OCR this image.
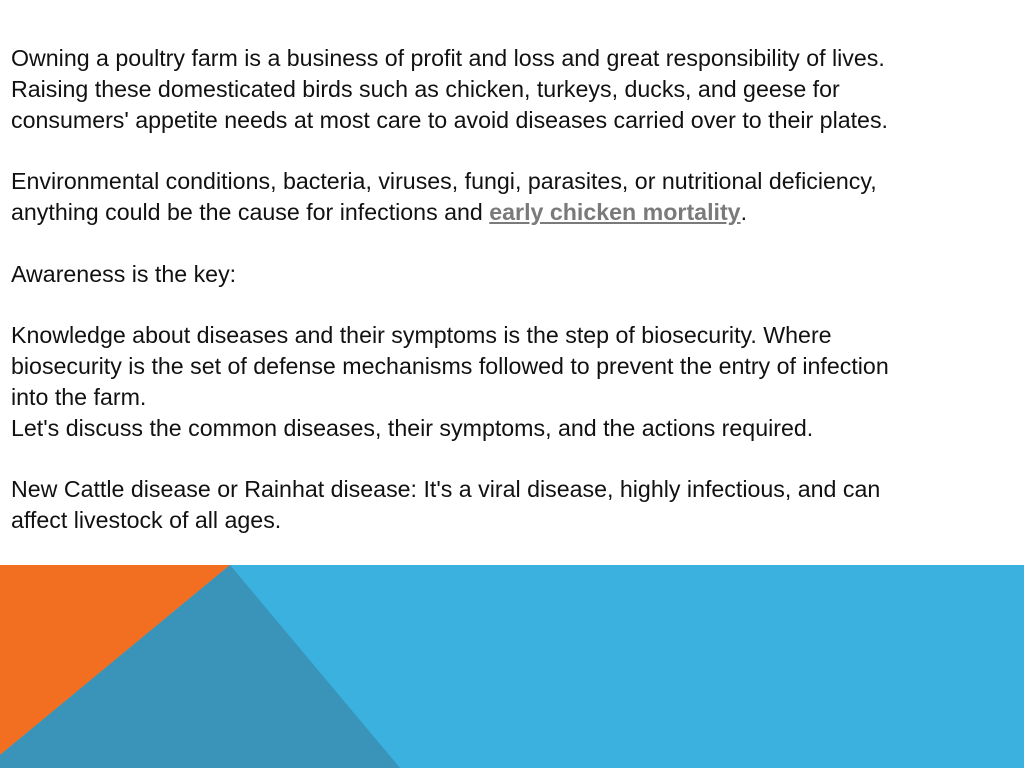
Owning a poultry farm is a business of profit and loss and great responsibility of lives.
Raising these domesticated birds such as chicken, turkeys, ducks, and geese for
consumers' appetite needs at most care to avoid diseases carried over to their plates.

Environmental conditions, bacteria, viruses, fungi, parasites, or nutritional deficiency,
anything could be the cause for infections and early chicken mortality.

Awareness is the key:

Knowledge about diseases and their symptoms is the step of biosecurity. Where
biosecurity is the set of defense mechanisms followed to prevent the entry of infection
into the farm.

Let's discuss the common diseases, their symptoms, and the actions required.

New Cattle disease or Rainhat disease: It's a viral disease, highly infectious, and can
affect livestock of all ages.
